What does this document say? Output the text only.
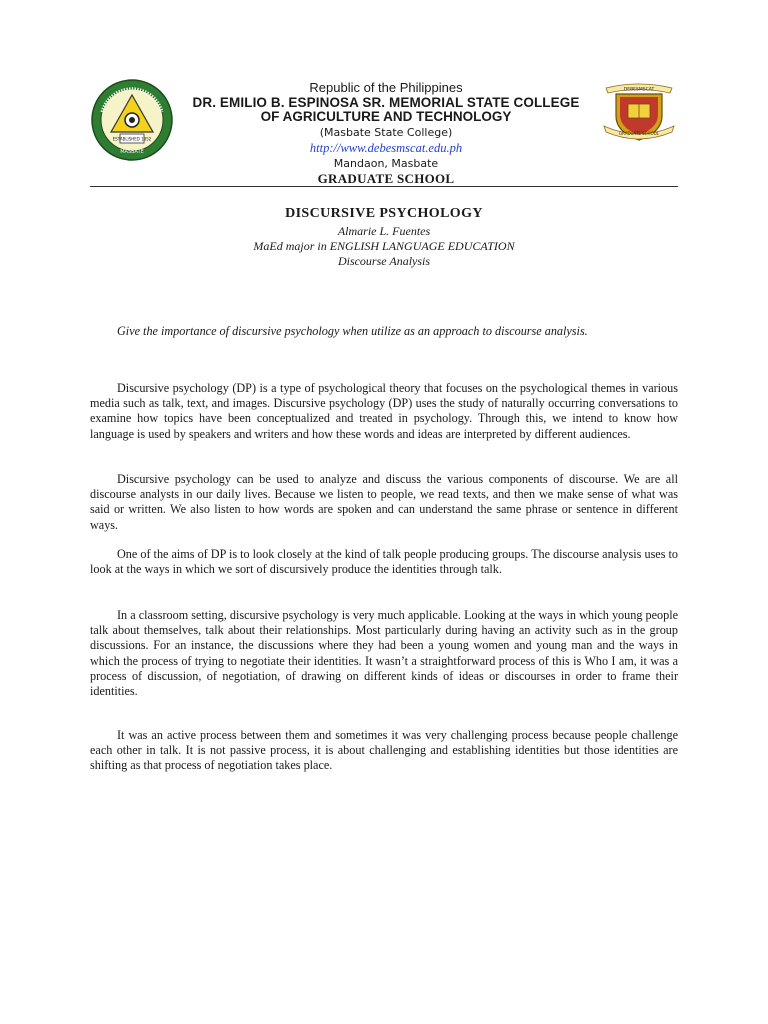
ESTABLISHED 1952
MASBATE
DEBESMSCAT
GRADUATE SCHOOL
Republic of the Philippines
DR. EMILIO B. ESPINOSA SR. MEMORIAL STATE COLLEGE
OF AGRICULTURE AND TECHNOLOGY
(Masbate State College)
http://www.debesmscat.edu.ph
Mandaon, Masbate
GRADUATE SCHOOL
DISCURSIVE PSYCHOLOGY
Almarie L. Fuentes
MaEd major in ENGLISH LANGUAGE EDUCATION
Discourse Analysis
Give the importance of discursive psychology when utilize as an approach to discourse analysis.
Discursive psychology (DP) is a type of psychological theory that focuses on the psychological themes in various media such as talk, text, and images. Discursive psychology (DP) uses the study of naturally occurring conversations to examine how topics have been conceptualized and treated in psychology. Through this, we intend to know how language is used by speakers and writers and how these words and ideas are interpreted by different audiences.
Discursive psychology can be used to analyze and discuss the various components of discourse. We are all discourse analysts in our daily lives. Because we listen to people, we read texts, and then we make sense of what was said or written. We also listen to how words are spoken and can understand the same phrase or sentence in different ways.
One of the aims of DP is to look closely at the kind of talk people producing groups. The discourse analysis uses to look at the ways in which we sort of discursively produce the identities through talk.
In a classroom setting, discursive psychology is very much applicable. Looking at the ways in which young people talk about themselves, talk about their relationships. Most particularly during having an activity such as in the group discussions. For an instance, the discussions where they had been a young women and young man and the ways in which the process of trying to negotiate their identities. It wasn’t a straightforward process of this is Who I am, it was a process of discussion, of negotiation, of drawing on different kinds of ideas or discourses in order to frame their identities.
It was an active process between them and sometimes it was very challenging process because people challenge each other in talk. It is not passive process, it is about challenging and establishing identities but those identities are shifting as that process of negotiation takes place.
